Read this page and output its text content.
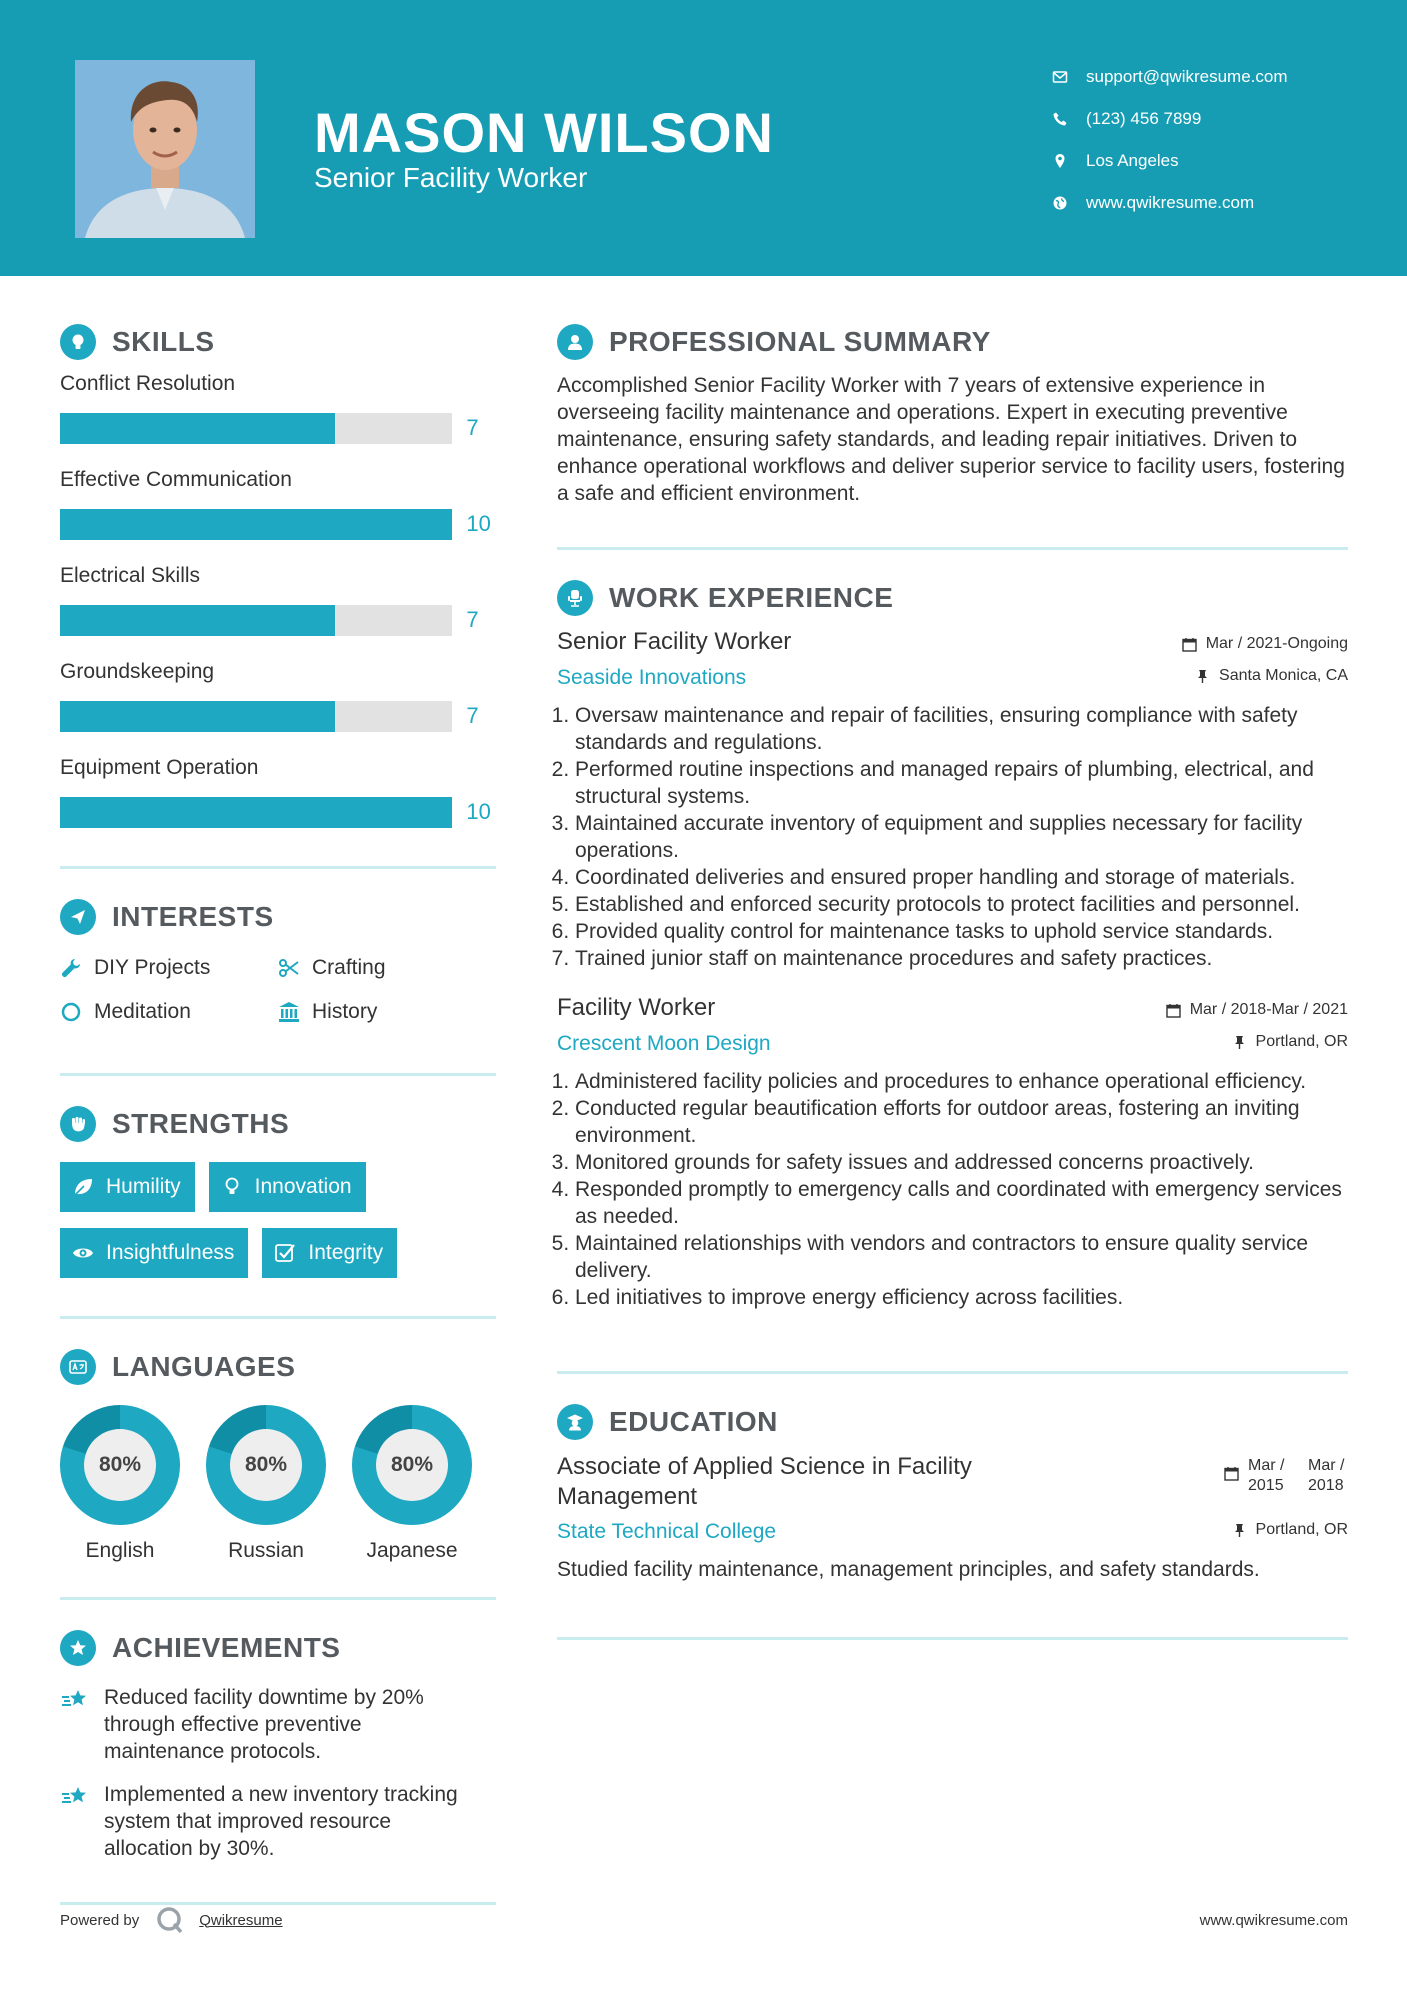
MASON WILSON
Senior Facility Worker
support@qwikresume.com
(123) 456 7899
Los Angeles
www.qwikresume.com
SKILLS
Conflict Resolution
7
Effective Communication
10
Electrical Skills
7
Groundskeeping
7
Equipment Operation
10
INTERESTS
DIY Projects	Crafting
Meditation	History
STRENGTHS
Humility	Innovation
Insightfulness	Integrity
LANGUAGES
80%
English
80%
Russian
80%
Japanese
ACHIEVEMENTS
Reduced facility downtime by 20% through effective preventive maintenance protocols.
Implemented a new inventory tracking system that improved resource allocation by 30%.
PROFESSIONAL SUMMARY
Accomplished Senior Facility Worker with 7 years of extensive experience in overseeing facility maintenance and operations. Expert in executing preventive maintenance, ensuring safety standards, and leading repair initiatives. Driven to enhance operational workflows and deliver superior service to facility users, fostering a safe and efficient environment.
WORK EXPERIENCE
Senior Facility Worker	Mar / 2021-Ongoing
Seaside Innovations	Santa Monica, CA
1. Oversaw maintenance and repair of facilities, ensuring compliance with safety standards and regulations.
2. Performed routine inspections and managed repairs of plumbing, electrical, and structural systems.
3. Maintained accurate inventory of equipment and supplies necessary for facility operations.
4. Coordinated deliveries and ensured proper handling and storage of materials.
5. Established and enforced security protocols to protect facilities and personnel.
6. Provided quality control for maintenance tasks to uphold service standards.
7. Trained junior staff on maintenance procedures and safety practices.
Facility Worker	Mar / 2018-Mar / 2021
Crescent Moon Design	Portland, OR
1. Administered facility policies and procedures to enhance operational efficiency.
2. Conducted regular beautification efforts for outdoor areas, fostering an inviting environment.
3. Monitored grounds for safety issues and addressed concerns proactively.
4. Responded promptly to emergency calls and coordinated with emergency services as needed.
5. Maintained relationships with vendors and contractors to ensure quality service delivery.
6. Led initiatives to improve energy efficiency across facilities.
EDUCATION
Associate of Applied Science in Facility Management
Mar /
2015
Mar /
2018
State Technical College	Portland, OR
Studied facility maintenance, management principles, and safety standards.
Powered by	Qwikresume	www.qwikresume.com
